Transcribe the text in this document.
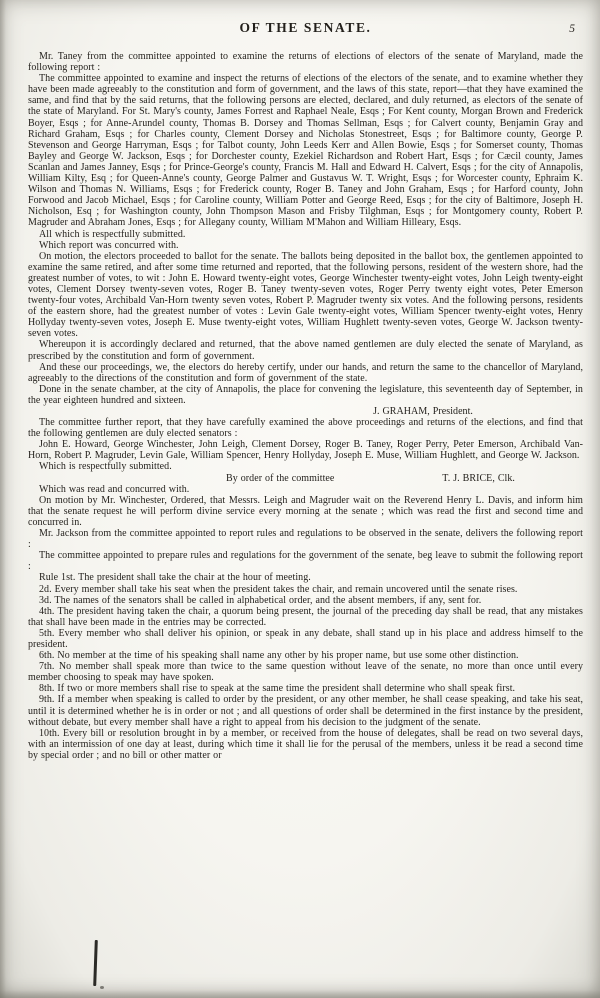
OF THE SENATE.	5

Mr. Taney from the committee appointed to examine the returns of elections of electors of the senate of Maryland, made the following report :

The committee appointed to examine and inspect the returns of elections of the electors of the senate, and to examine whether they have been made agreeably to the constitution and form of government, and the laws of this state, report—that they have examined the same, and find that by the said returns, that the following persons are elected, declared, and duly returned, as electors of the senate of the state of Maryland. For St. Mary's county, James Forrest and Raphael Neale, Esqs ; For Kent county, Morgan Brown and Frederick Boyer, Esqs ; for Anne-Arundel county, Thomas B. Dorsey and Thomas Sellman, Esqs ; for Calvert county, Benjamin Gray and Richard Graham, Esqs ; for Charles county, Clement Dorsey and Nicholas Stonestreet, Esqs ; for Baltimore county, George P. Stevenson and George Harryman, Esqs ; for Talbot county, John Leeds Kerr and Allen Bowie, Esqs ; for Somerset county, Thomas Bayley and George W. Jackson, Esqs ; for Dorchester county, Ezekiel Richardson and Robert Hart, Esqs ; for Cæcil county, James Scanlan and James Janney, Esqs ; for Prince-George's county, Francis M. Hall and Edward H. Calvert, Esqs ; for the city of Annapolis, William Kilty, Esq ; for Queen-Anne's county, George Palmer and Gustavus W. T. Wright, Esqs ; for Worcester county, Ephraim K. Wilson and Thomas N. Williams, Esqs ; for Frederick county, Roger B. Taney and John Graham, Esqs ; for Harford county, John Forwood and Jacob Michael, Esqs ; for Caroline county, William Potter and George Reed, Esqs ; for the city of Baltimore, Joseph H. Nicholson, Esq ; for Washington county, John Thompson Mason and Frisby Tilghman, Esqs ; for Montgomery county, Robert P. Magruder and Abraham Jones, Esqs ; for Allegany county, William M'Mahon and William Hilleary, Esqs.

All which is respectfully submitted.

Which report was concurred with.

On motion, the electors proceeded to ballot for the senate. The ballots being deposited in the ballot box, the gentlemen appointed to examine the same retired, and after some time returned and reported, that the following persons, resident of the western shore, had the greatest number of votes, to wit : John E. Howard twenty-eight votes, George Winchester twenty-eight votes, John Leigh twenty-eight votes, Clement Dorsey twenty-seven votes, Roger B. Taney twenty-seven votes, Roger Perry twenty eight votes, Peter Emerson twenty-four votes, Archibald Van-Horn twenty seven votes, Robert P. Magruder twenty six votes. And the following persons, residents of the eastern shore, had the greatest number of votes : Levin Gale twenty-eight votes, William Spencer twenty-eight votes, Henry Hollyday twenty-seven votes, Joseph E. Muse twenty-eight votes, William Hughlett twenty-seven votes, George W. Jackson twenty-seven votes.

Whereupon it is accordingly declared and returned, that the above named gentlemen are duly elected the senate of Maryland, as prescribed by the constitution and form of government.

And these our proceedings, we, the electors do hereby certify, under our hands, and return the same to the chancellor of Maryland, agreeably to the directions of the constitution and form of government of the state.

Done in the senate chamber, at the city of Annapolis, the place for convening the legislature, this seventeenth day of September, in the year eighteen hundred and sixteen.

J. GRAHAM, President.

The committee further report, that they have carefully examined the above proceedings and returns of the elections, and find that the following gentlemen are duly elected senators :

John E. Howard, George Winchester, John Leigh, Clement Dorsey, Roger B. Taney, Roger Perry, Peter Emerson, Archibald Van-Horn, Robert P. Magruder, Levin Gale, William Spencer, Henry Hollyday, Joseph E. Muse, William Hughlett, and George W. Jackson.

Which is respectfully submitted.

By order of the committee	T. J. BRICE, Clk.

Which was read and concurred with.

On motion by Mr. Winchester, Ordered, that Messrs. Leigh and Magruder wait on the Reverend Henry L. Davis, and inform him that the senate request he will perform divine service every morning at the senate ; which was read the first and second time and concurred in.

Mr. Jackson from the committee appointed to report rules and regulations to be observed in the senate, delivers the following report :

The committee appointed to prepare rules and regulations for the government of the senate, beg leave to submit the following report :

Rule 1st. The president shall take the chair at the hour of meeting.

2d. Every member shall take his seat when the president takes the chair, and remain uncovered until the senate rises.

3d. The names of the senators shall be called in alphabetical order, and the absent members, if any, sent for.

4th. The president having taken the chair, a quorum being present, the journal of the preceding day shall be read, that any mistakes that shall have been made in the entries may be corrected.

5th. Every member who shall deliver his opinion, or speak in any debate, shall stand up in his place and address himself to the president.

6th. No member at the time of his speaking shall name any other by his proper name, but use some other distinction.

7th. No member shall speak more than twice to the same question without leave of the senate, no more than once until every member choosing to speak may have spoken.

8th. If two or more members shall rise to speak at the same time the president shall determine who shall speak first.

9th. If a member when speaking is called to order by the president, or any other member, he shall cease speaking, and take his seat, until it is determined whether he is in order or not ; and all questions of order shall be determined in the first instance by the president, without debate, but every member shall have a right to appeal from his decision to the judgment of the senate.

10th. Every bill or resolution brought in by a member, or received from the house of delegates, shall be read on two several days, with an intermission of one day at least, during which time it shall lie for the perusal of the members, unless it be read a second time by special order ; and no bill or other matter or
